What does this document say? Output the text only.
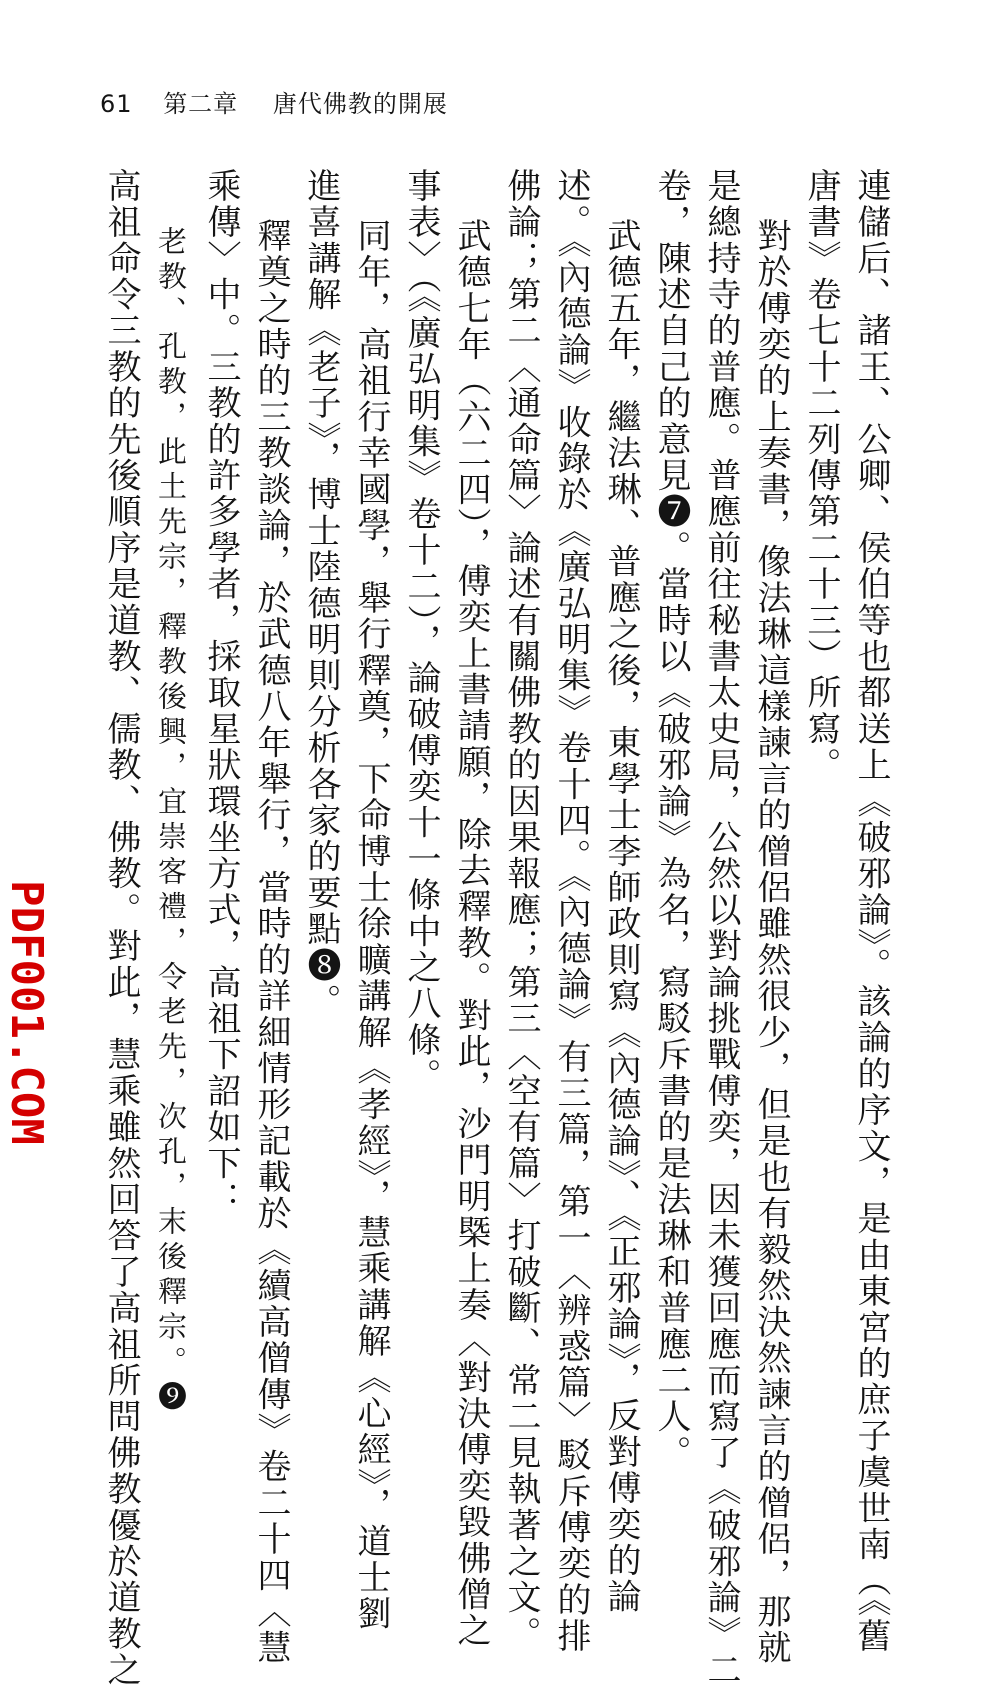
61 第二章 唐代佛教的開展
連儲后、諸王、公卿、侯伯等也都送上《破邪論》。該論的序文，是由東宮的庶子虞世南（《舊
唐書》卷七十二列傳第二十三）所寫。
對於傅奕的上奏書，像法琳這樣諫言的僧侶雖然很少，但是也有毅然決然諫言的僧侶，那就
是總持寺的普應。普應前往秘書太史局，公然以對論挑戰傅奕，因未獲回應而寫了《破邪論》二
卷，陳述自己的意見❼。當時以《破邪論》為名，寫駁斥書的是法琳和普應二人。
武德五年，繼法琳、普應之後，東學士李師政則寫《內德論》、《正邪論》，反對傅奕的論
述。《內德論》收錄於《廣弘明集》卷十四。《內德論》有三篇，第一〈辨惑篇〉駁斥傅奕的排
佛論；第二〈通命篇〉論述有關佛教的因果報應；第三〈空有篇〉打破斷、常二見執著之文。
武德七年（六二四），傅奕上書請願，除去釋教。對此，沙門明槩上奏〈對決傅奕毀佛僧之
事表〉（《廣弘明集》卷十二），論破傅奕十一條中之八條。
同年，高祖行幸國學，舉行釋奠，下命博士徐曠講解《孝經》，慧乘講解《心經》，道士劉
進喜講解《老子》，博士陸德明則分析各家的要點❽。
釋奠之時的三教談論，於武德八年舉行，當時的詳細情形記載於《續高僧傳》卷二十四〈慧
乘傳〉中。三教的許多學者，採取星狀環坐方式，高祖下詔如下：
老教、孔教，此土先宗，釋教後興，宜崇客禮，令老先，次孔，末後釋宗。❾
高祖命令三教的先後順序是道教、儒教、佛教。對此，慧乘雖然回答了高祖所問佛教優於道教之
PDF001.COM
